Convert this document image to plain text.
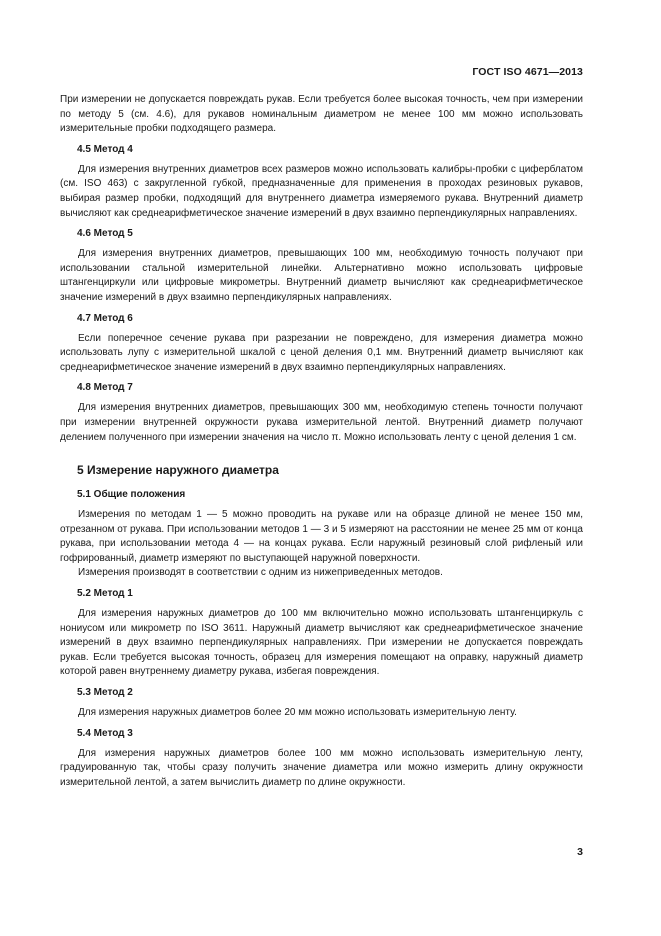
ГОСТ ISO 4671—2013

При измерении не допускается повреждать рукав. Если требуется более высокая точность, чем при измерении по методу 5 (см. 4.6), для рукавов номинальным диаметром не менее 100 мм можно использовать измерительные пробки подходящего размера.

4.5 Метод 4

Для измерения внутренних диаметров всех размеров можно использовать калибры-пробки с циферблатом (см. ISO 463) с закругленной губкой, предназначенные для применения в проходах резиновых рукавов, выбирая размер пробки, подходящий для внутреннего диаметра измеряемого рукава. Внутренний диаметр вычисляют как среднеарифметическое значение измерений в двух взаимно перпендикулярных направлениях.

4.6 Метод 5

Для измерения внутренних диаметров, превышающих 100 мм, необходимую точность получают при использовании стальной измерительной линейки. Альтернативно можно использовать цифровые штангенциркули или цифровые микрометры. Внутренний диаметр вычисляют как среднеарифметическое значение измерений в двух взаимно перпендикулярных направлениях.

4.7 Метод 6

Если поперечное сечение рукава при разрезании не повреждено, для измерения диаметра можно использовать лупу с измерительной шкалой с ценой деления 0,1 мм. Внутренний диаметр вычисляют как среднеарифметическое значение измерений в двух взаимно перпендикулярных направлениях.

4.8 Метод 7

Для измерения внутренних диаметров, превышающих 300 мм, необходимую степень точности получают при измерении внутренней окружности рукава измерительной лентой. Внутренний диаметр получают делением полученного при измерении значения на число π. Можно использовать ленту с ценой деления 1 см.

5 Измерение наружного диаметра
5.1 Общие положения

Измерения по методам 1 — 5 можно проводить на рукаве или на образце длиной не менее 150 мм, отрезанном от рукава. При использовании методов 1 — 3 и 5 измеряют на расстоянии не менее 25 мм от конца рукава, при использовании метода 4 — на концах рукава. Если наружный резиновый слой рифленый или гофрированный, диаметр измеряют по выступающей наружной поверхности.

Измерения производят в соответствии с одним из нижеприведенных методов.

5.2 Метод 1

Для измерения наружных диаметров до 100 мм включительно можно использовать штангенциркуль с нониусом или микрометр по ISO 3611. Наружный диаметр вычисляют как среднеарифметическое значение измерений в двух взаимно перпендикулярных направлениях. При измерении не допускается повреждать рукав. Если требуется высокая точность, образец для измерения помещают на оправку, наружный диаметр которой равен внутреннему диаметру рукава, избегая повреждения.

5.3 Метод 2

Для измерения наружных диаметров более 20 мм можно использовать измерительную ленту.

5.4 Метод 3

Для измерения наружных диаметров более 100 мм можно использовать измерительную ленту, градуированную так, чтобы сразу получить значение диаметра или можно измерить длину окружности измерительной лентой, а затем вычислить диаметр по длине окружности.

3
